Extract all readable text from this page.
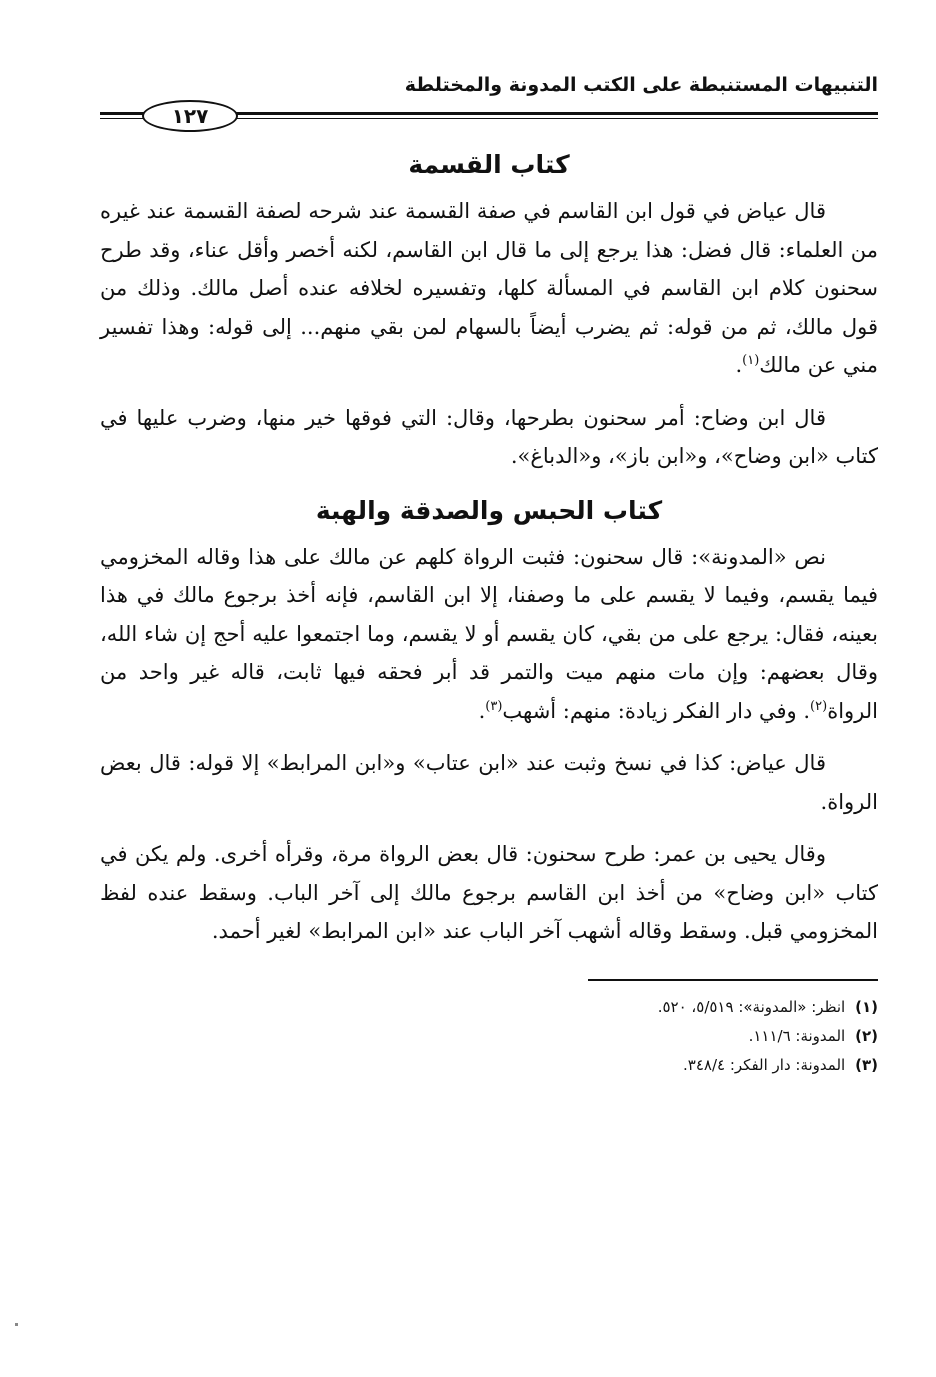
التنبيهات المستنبطة على الكتب المدونة والمختلطة
١٢٧
كتاب القسمة

قال عياض في قول ابن القاسم في صفة القسمة عند شرحه لصفة القسمة عند غيره من العلماء: قال فضل: هذا يرجع إلى ما قال ابن القاسم، لكنه أخصر وأقل عناء، وقد طرح سحنون كلام ابن القاسم في المسألة كلها، وتفسيره لخلافه عنده أصل مالك. وذلك من قول مالك، ثم من قوله: ثم يضرب أيضاً بالسهام لمن بقي منهم... إلى قوله: وهذا تفسير مني عن مالك$^{(١)}$.

قال ابن وضاح: أمر سحنون بطرحها، وقال: التي فوقها خير منها، وضرب عليها في كتاب «ابن وضاح»، و«ابن باز»، و«الدباغ».

كتاب الحبس والصدقة والهبة

نص «المدونة»: قال سحنون: فثبت الرواة كلهم عن مالك على هذا وقاله المخزومي فيما يقسم، وفيما لا يقسم على ما وصفنا، إلا ابن القاسم، فإنه أخذ برجوع مالك في هذا بعينه، فقال: يرجع على من بقي، كان يقسم أو لا يقسم، وما اجتمعوا عليه أحج إن شاء الله، وقال بعضهم: وإن مات منهم ميت والتمر قد أبر فحقه فيها ثابت، قاله غير واحد من الرواة$^{(٢)}$. وفي دار الفكر زيادة: منهم: أشهب$^{(٣)}$.

قال عياض: كذا في نسخ وثبت عند «ابن عتاب» و«ابن المرابط» إلا قوله: قال بعض الرواة.

وقال يحيى بن عمر: طرح سحنون: قال بعض الرواة مرة، وقرأه أخرى. ولم يكن في كتاب «ابن وضاح» من أخذ ابن القاسم برجوع مالك إلى آخر الباب. وسقط عنده لفظ المخزومي قبل. وسقط وقاله أشهب آخر الباب عند «ابن المرابط» لغير أحمد.

(١) انظر: «المدونة»: ٥/٥١٩، ٥٢٠.
(٢) المدونة: ١١١/٦.
(٣) المدونة: دار الفكر: ٣٤٨/٤.
